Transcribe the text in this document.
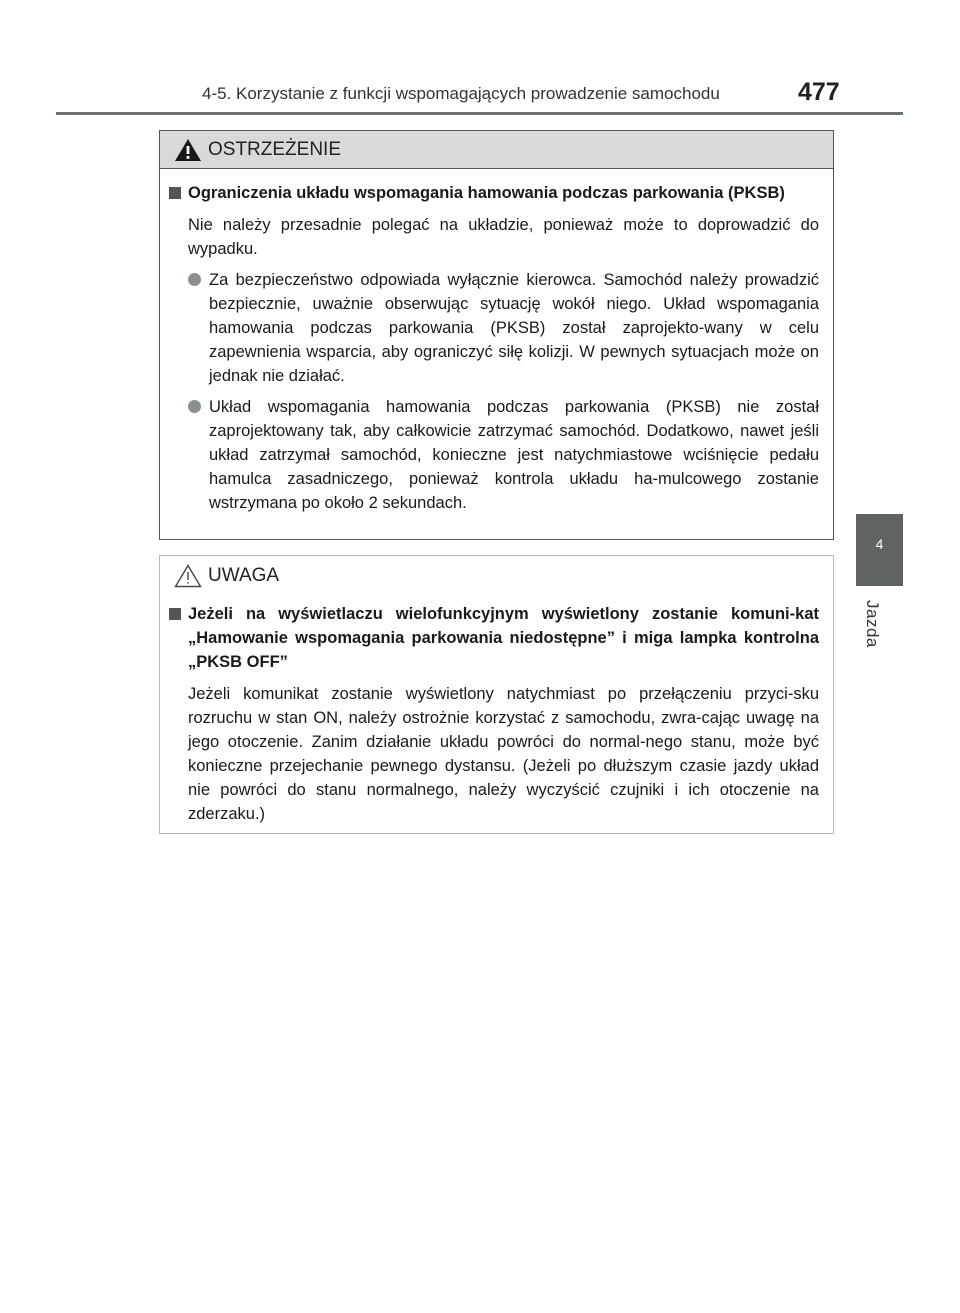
4-5. Korzystanie z funkcji wspomagających prowadzenie samochodu	477
4
Jazda
OSTRZEŻENIE
Ograniczenia układu wspomagania hamowania podczas parkowania (PKSB)
Nie należy przesadnie polegać na układzie, ponieważ może to doprowadzić do wypadku.
Za bezpieczeństwo odpowiada wyłącznie kierowca. Samochód należy prowadzić bezpiecznie, uważnie obserwując sytuację wokół niego. Układ wspomagania hamowania podczas parkowania (PKSB) został zaprojekto-wany w celu zapewnienia wsparcia, aby ograniczyć siłę kolizji. W pewnych sytuacjach może on jednak nie działać.
Układ wspomagania hamowania podczas parkowania (PKSB) nie został zaprojektowany tak, aby całkowicie zatrzymać samochód. Dodatkowo, nawet jeśli układ zatrzymał samochód, konieczne jest natychmiastowe wciśnięcie pedału hamulca zasadniczego, ponieważ kontrola układu ha-mulcowego zostanie wstrzymana po około 2 sekundach.
UWAGA
Jeżeli na wyświetlaczu wielofunkcyjnym wyświetlony zostanie komuni-kat „Hamowanie wspomagania parkowania niedostępne” i miga lampka kontrolna „PKSB OFF”
Jeżeli komunikat zostanie wyświetlony natychmiast po przełączeniu przyci-sku rozruchu w stan ON, należy ostrożnie korzystać z samochodu, zwra-cając uwagę na jego otoczenie. Zanim działanie układu powróci do normal-nego stanu, może być konieczne przejechanie pewnego dystansu. (Jeżeli po dłuższym czasie jazdy układ nie powróci do stanu normalnego, należy wyczyścić czujniki i ich otoczenie na zderzaku.)
